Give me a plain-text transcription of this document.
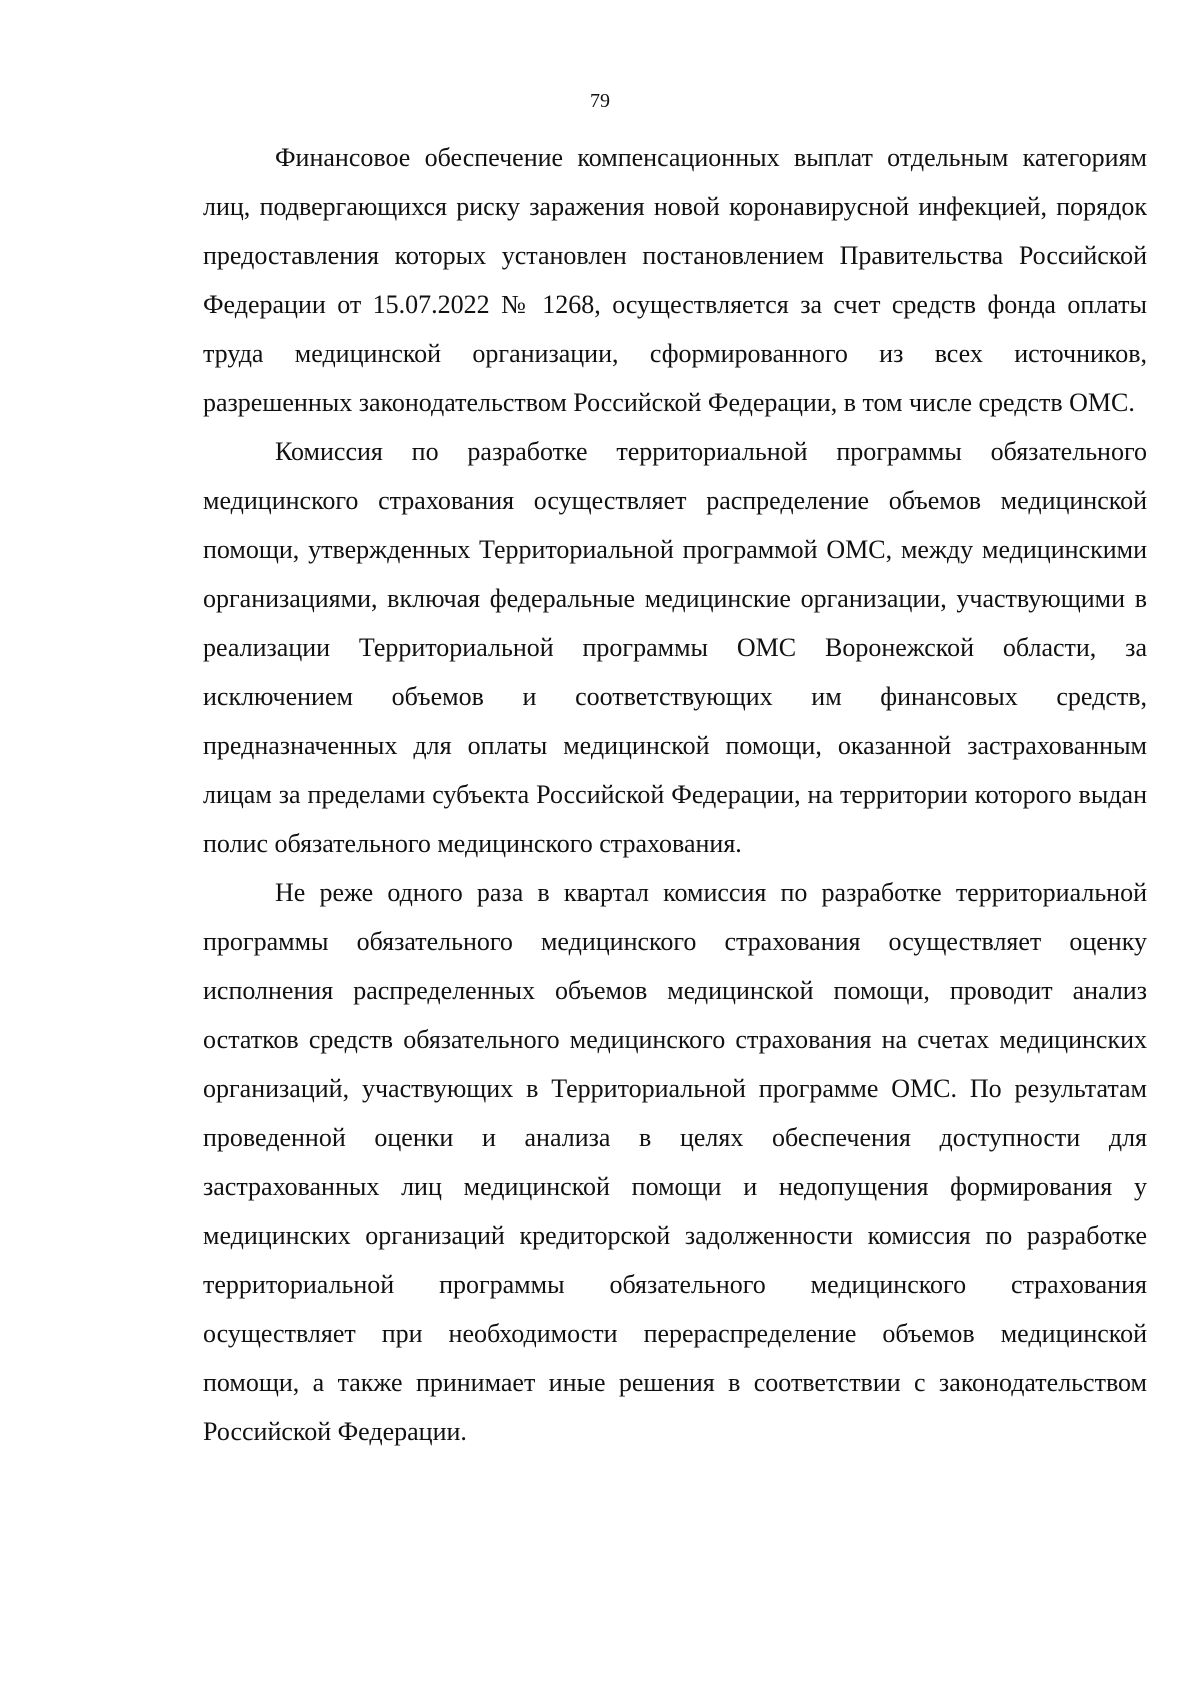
79

Финансовое обеспечение компенсационных выплат отдельным категориям лиц, подвергающихся риску заражения новой коронавирусной инфекцией, порядок предоставления которых установлен постановлением Правительства Российской Федерации от 15.07.2022 № 1268, осуществляется за счет средств фонда оплаты труда медицинской организации, сформированного из всех источников, разрешенных законодательством Российской Федерации, в том числе средств ОМС.

Комиссия по разработке территориальной программы обязательного медицинского страхования осуществляет распределение объемов медицинской помощи, утвержденных Территориальной программой ОМС, между медицинскими организациями, включая федеральные медицинские организации, участвующими в реализации Территориальной программы ОМС Воронежской области, за исключением объемов и соответствующих им финансовых средств, предназначенных для оплаты медицинской помощи, оказанной застрахованным лицам за пределами субъекта Российской Федерации, на территории которого выдан полис обязательного медицинского страхования.

Не реже одного раза в квартал комиссия по разработке территориальной программы обязательного медицинского страхования осуществляет оценку исполнения распределенных объемов медицинской помощи, проводит анализ остатков средств обязательного медицинского страхования на счетах медицинских организаций, участвующих в Территориальной программе ОМС. По результатам проведенной оценки и анализа в целях обеспечения доступности для застрахованных лиц медицинской помощи и недопущения формирования у медицинских организаций кредиторской задолженности комиссия по разработке территориальной программы обязательного медицинского страхования осуществляет при необходимости перераспределение объемов медицинской помощи, а также принимает иные решения в соответствии с законодательством Российской Федерации.
